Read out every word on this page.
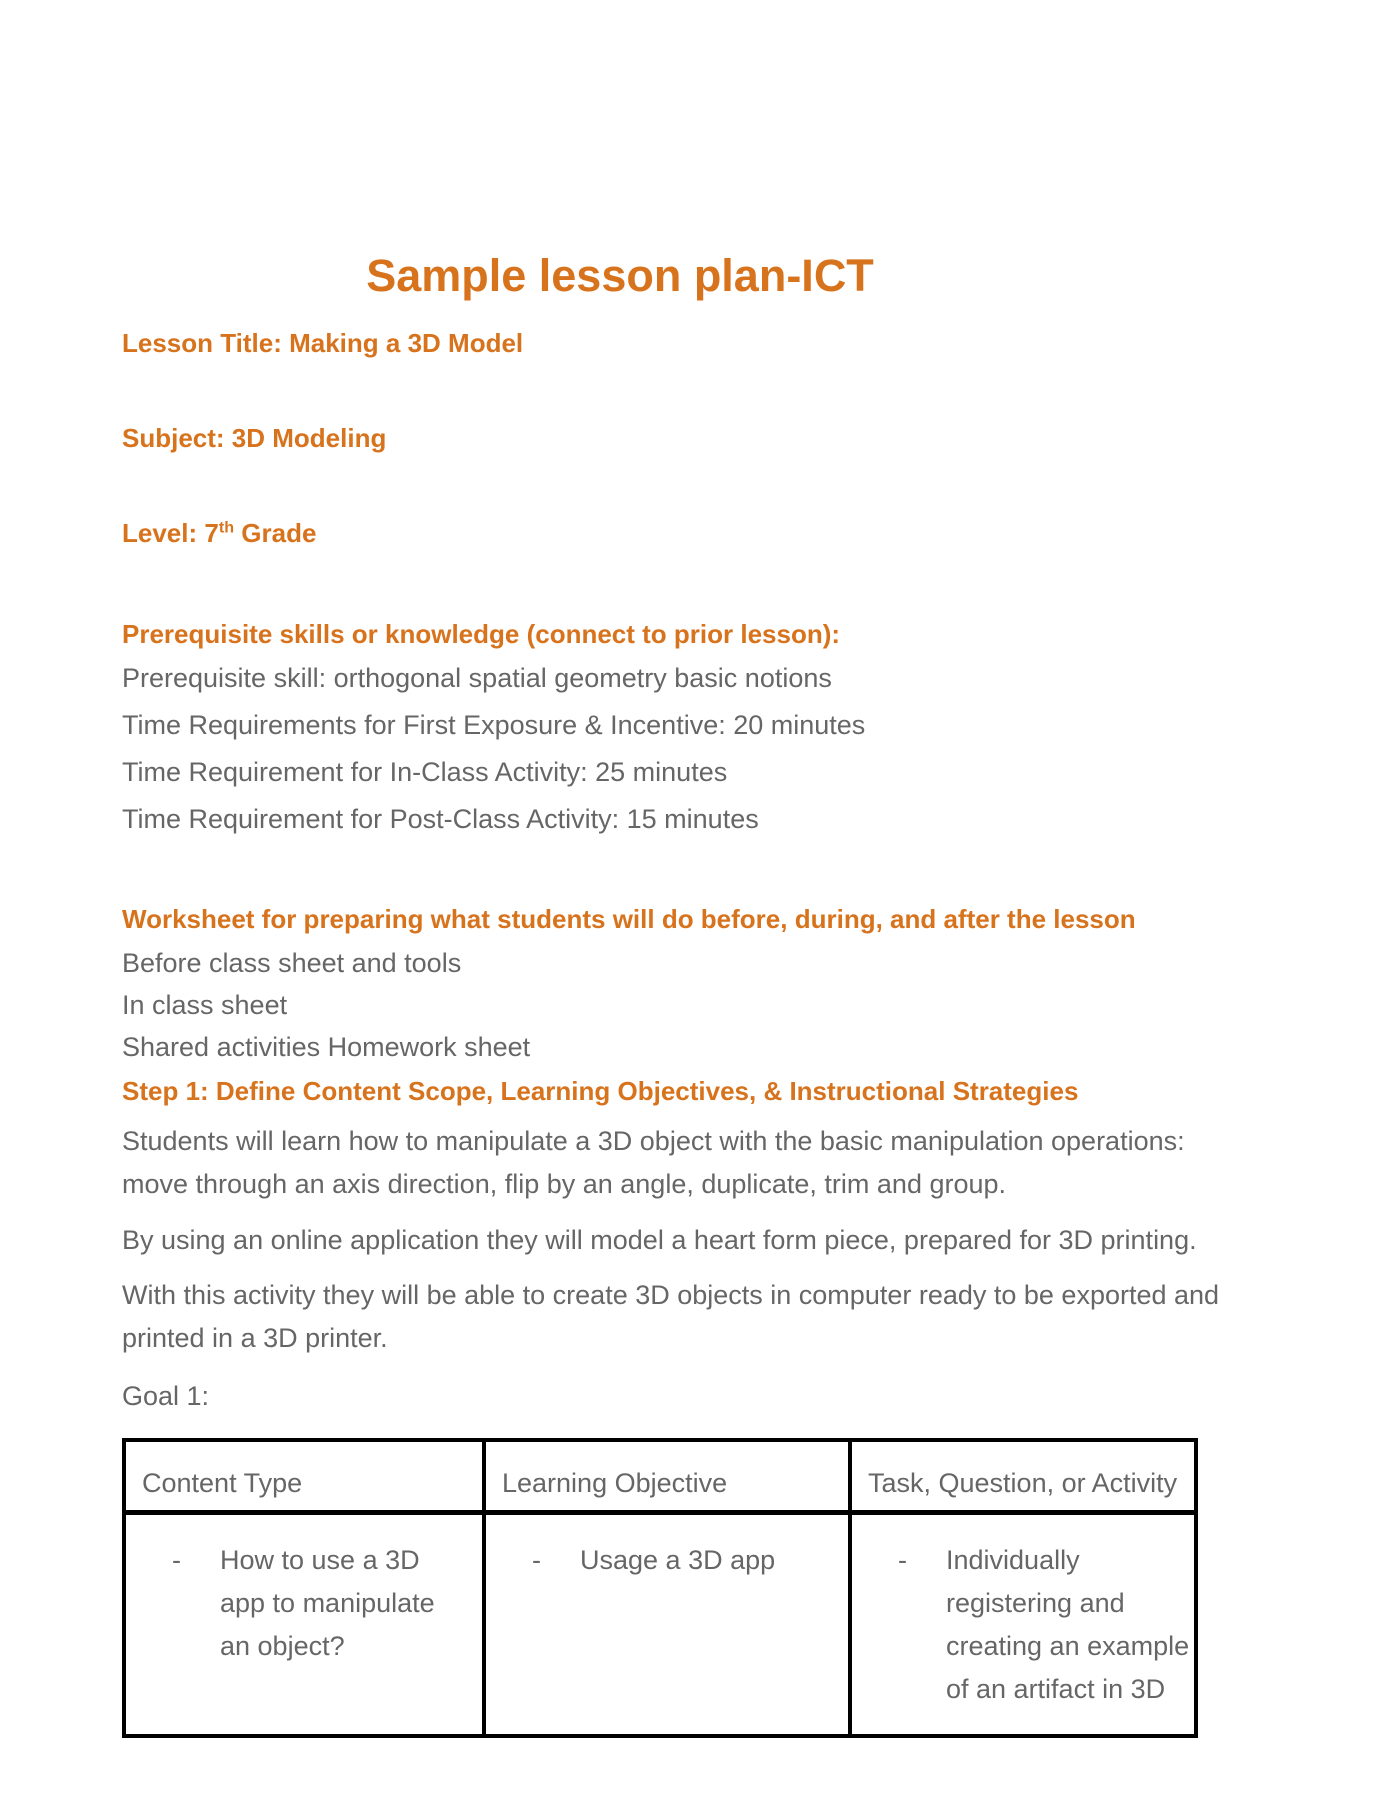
Sample lesson plan-ICT

Lesson Title: Making a 3D Model

Subject: 3D Modeling

Level: 7th Grade

Prerequisite skills or knowledge (connect to prior lesson):

Prerequisite skill: orthogonal spatial geometry basic notions

Time Requirements for First Exposure & Incentive: 20 minutes

Time Requirement for In-Class Activity: 25 minutes

Time Requirement for Post-Class Activity: 15 minutes

Worksheet for preparing what students will do before, during, and after the lesson

Before class sheet and tools

In class sheet

Shared activities Homework sheet

Step 1: Define Content Scope, Learning Objectives, & Instructional Strategies

Students will learn how to manipulate a 3D object with the basic manipulation operations:
move through an axis direction, flip by an angle, duplicate, trim and group.

By using an online application they will model a heart form piece, prepared for 3D printing.

With this activity they will be able to create 3D objects in computer ready to be exported and
printed in a 3D printer.

Goal 1:

Content Type	Learning Objective	Task, Question, or Activity

- How to use a 3D
app to manipulate
an object?	- Usage a 3D app	- Individually
registering and
creating an example
of an artifact in 3D
